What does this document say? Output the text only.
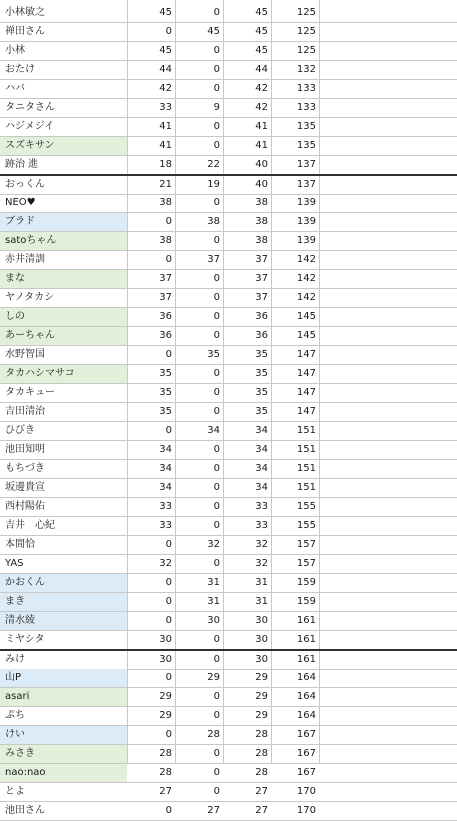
小林敏之	45	0	45	125
禅田さん	0	45	45	125
小林	45	0	45	125
おたけ	44	0	44	132
ハバ	42	0	42	133
タニタさん	33	9	42	133
ハジメジイ	41	0	41	135
スズキサン	41	0	41	135
跡治 進	18	22	40	137
おっくん	21	19	40	137
NEO♥	38	0	38	139
ブラド	0	38	38	139
satoちゃん	38	0	38	139
赤井清訓	0	37	37	142
まな	37	0	37	142
ヤノタカシ	37	0	37	142
しの	36	0	36	145
あーちゃん	36	0	36	145
水野智国	0	35	35	147
タカハシマサコ	35	0	35	147
タカキュー	35	0	35	147
吉田清治	35	0	35	147
ひびき	0	34	34	151
池田知明	34	0	34	151
もちづき	34	0	34	151
坂邊貴宣	34	0	34	151
西村陽佑	33	0	33	155
吉井　心紀	33	0	33	155
本間恰	0	32	32	157
YAS	32	0	32	157
かおくん	0	31	31	159
まき	0	31	31	159
清水綾	0	30	30	161
ミヤシタ	30	0	30	161
みけ	30	0	30	161
山P	0	29	29	164
asari	29	0	29	164
ぷち	29	0	29	164
けい	0	28	28	167
みさき	28	0	28	167
nao:nao	28	0	28	167
とよ	27	0	27	170
池田さん	0	27	27	170
